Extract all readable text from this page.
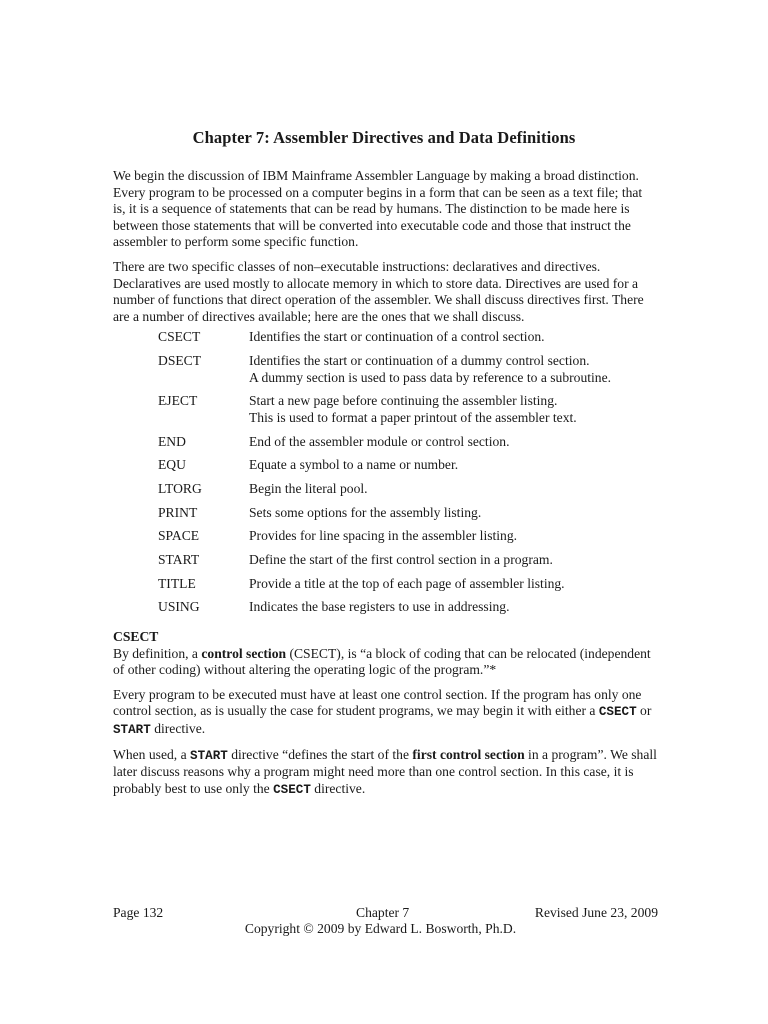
Chapter 7: Assembler Directives and Data Definitions

We begin the discussion of IBM Mainframe Assembler Language by making a broad distinction. Every program to be processed on a computer begins in a form that can be seen as a text file; that is, it is a sequence of statements that can be read by humans. The distinction to be made here is between those statements that will be converted into executable code and those that instruct the assembler to perform some specific function.

There are two specific classes of non–executable instructions: declaratives and directives. Declaratives are used mostly to allocate memory in which to store data. Directives are used for a number of functions that direct operation of the assembler. We shall discuss directives first. There are a number of directives available; here are the ones that we shall discuss.

CSECT	Identifies the start or continuation of a control section.
DSECT	Identifies the start or continuation of a dummy control section.
A dummy section is used to pass data by reference to a subroutine.
EJECT	Start a new page before continuing the assembler listing.
This is used to format a paper printout of the assembler text.
END	End of the assembler module or control section.
EQU	Equate a symbol to a name or number.
LTORG	Begin the literal pool.
PRINT	Sets some options for the assembly listing.
SPACE	Provides for line spacing in the assembler listing.
START	Define the start of the first control section in a program.
TITLE	Provide a title at the top of each page of assembler listing.
USING	Indicates the base registers to use in addressing.
CSECT

By definition, a control section (CSECT), is “a block of coding that can be relocated (independent of other coding) without altering the operating logic of the program.”*

Every program to be executed must have at least one control section. If the program has only one control section, as is usually the case for student programs, we may begin it with either a CSECT or START directive.

When used, a START directive “defines the start of the first control section in a program”. We shall later discuss reasons why a program might need more than one control section. In this case, it is probably best to use only the CSECT directive.

Page 132	Chapter 7	Revised June 23, 2009
Copyright © 2009 by Edward L. Bosworth, Ph.D.
